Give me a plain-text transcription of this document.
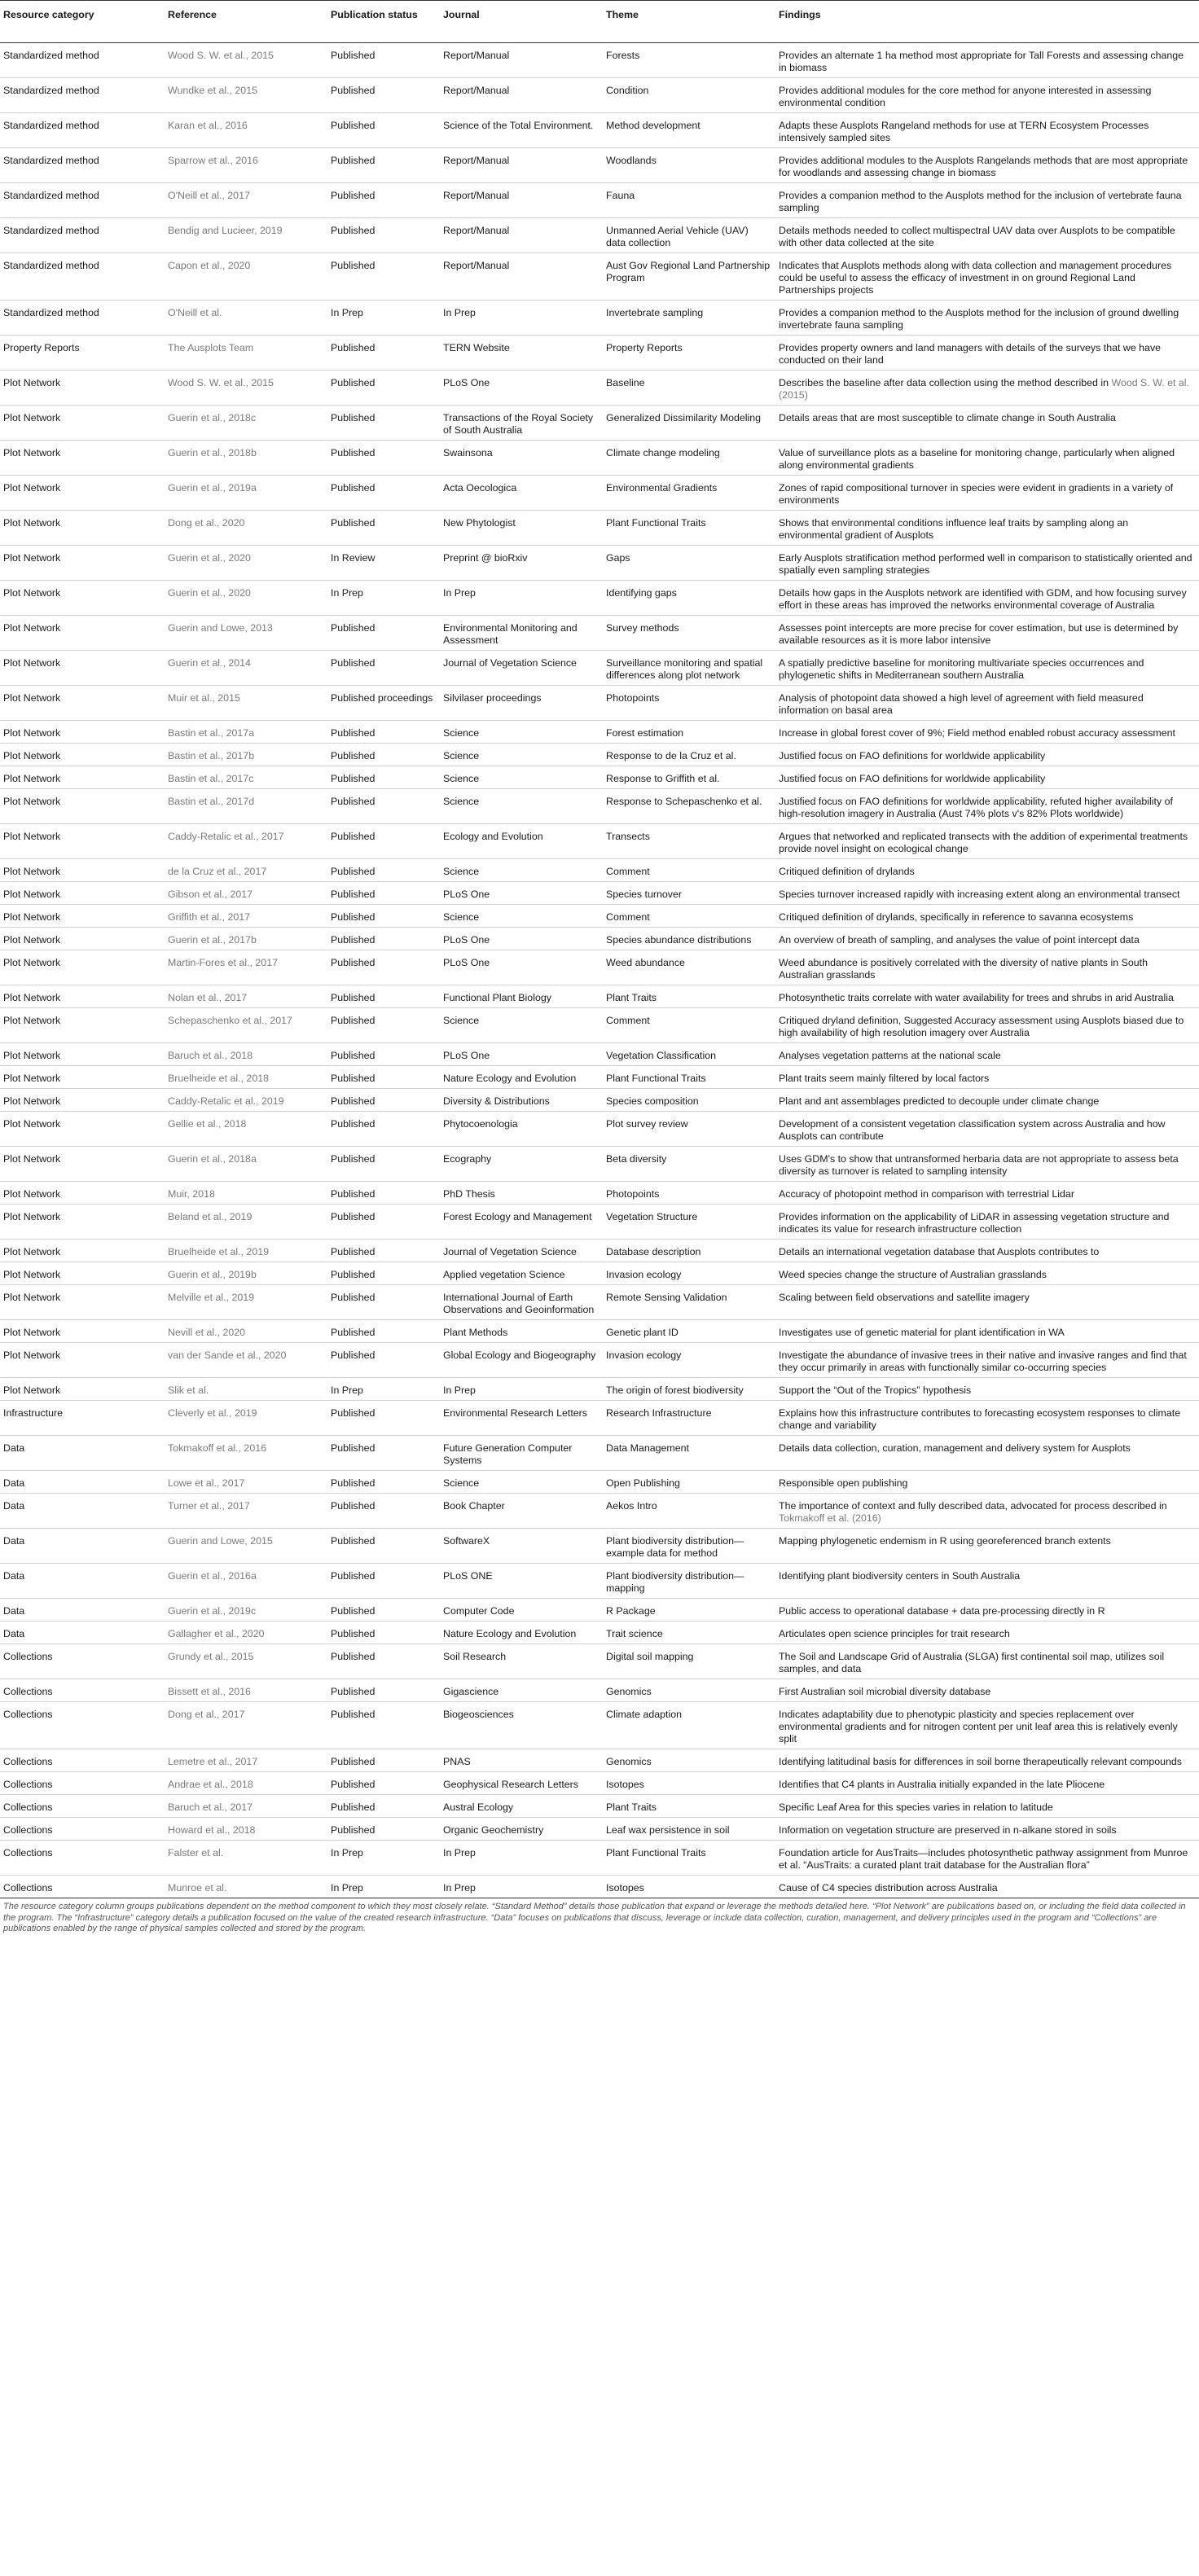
Resource category	Reference	Publication status	Journal	Theme	Findings
Standardized method	Wood S. W. et al., 2015	Published	Report/Manual	Forests	Provides an alternate 1 ha method most appropriate for Tall Forests and assessing change in biomass
Standardized method	Wundke et al., 2015	Published	Report/Manual	Condition	Provides additional modules for the core method for anyone interested in assessing environmental condition
Standardized method	Karan et al., 2016	Published	Science of the Total Environment.	Method development	Adapts these Ausplots Rangeland methods for use at TERN Ecosystem Processes intensively sampled sites
Standardized method	Sparrow et al., 2016	Published	Report/Manual	Woodlands	Provides additional modules to the Ausplots Rangelands methods that are most appropriate for woodlands and assessing change in biomass
Standardized method	O'Neill et al., 2017	Published	Report/Manual	Fauna	Provides a companion method to the Ausplots method for the inclusion of vertebrate fauna sampling
Standardized method	Bendig and Lucieer, 2019	Published	Report/Manual	Unmanned Aerial Vehicle (UAV) data collection	Details methods needed to collect multispectral UAV data over Ausplots to be compatible with other data collected at the site
Standardized method	Capon et al., 2020	Published	Report/Manual	Aust Gov Regional Land Partnership Program	Indicates that Ausplots methods along with data collection and management procedures could be useful to assess the efficacy of investment in on ground Regional Land Partnerships projects
Standardized method	O'Neill et al.	In Prep	In Prep	Invertebrate sampling	Provides a companion method to the Ausplots method for the inclusion of ground dwelling invertebrate fauna sampling
Property Reports	The Ausplots Team	Published	TERN Website	Property Reports	Provides property owners and land managers with details of the surveys that we have conducted on their land
Plot Network	Wood S. W. et al., 2015	Published	PLoS One	Baseline	Describes the baseline after data collection using the method described in Wood S. W. et al. (2015)
Plot Network	Guerin et al., 2018c	Published	Transactions of the Royal Society of South Australia	Generalized Dissimilarity Modeling	Details areas that are most susceptible to climate change in South Australia
Plot Network	Guerin et al., 2018b	Published	Swainsona	Climate change modeling	Value of surveillance plots as a baseline for monitoring change, particularly when aligned along environmental gradients
Plot Network	Guerin et al., 2019a	Published	Acta Oecologica	Environmental Gradients	Zones of rapid compositional turnover in species were evident in gradients in a variety of environments
Plot Network	Dong et al., 2020	Published	New Phytologist	Plant Functional Traits	Shows that environmental conditions influence leaf traits by sampling along an environmental gradient of Ausplots
Plot Network	Guerin et al., 2020	In Review	Preprint @ bioRxiv	Gaps	Early Ausplots stratification method performed well in comparison to statistically oriented and spatially even sampling strategies
Plot Network	Guerin et al., 2020	In Prep	In Prep	Identifying gaps	Details how gaps in the Ausplots network are identified with GDM, and how focusing survey effort in these areas has improved the networks environmental coverage of Australia
Plot Network	Guerin and Lowe, 2013	Published	Environmental Monitoring and Assessment	Survey methods	Assesses point intercepts are more precise for cover estimation, but use is determined by available resources as it is more labor intensive
Plot Network	Guerin et al., 2014	Published	Journal of Vegetation Science	Surveillance monitoring and spatial differences along plot network	A spatially predictive baseline for monitoring multivariate species occurrences and phylogenetic shifts in Mediterranean southern Australia
Plot Network	Muir et al., 2015	Published proceedings	Silvilaser proceedings	Photopoints	Analysis of photopoint data showed a high level of agreement with field measured information on basal area
Plot Network	Bastin et al., 2017a	Published	Science	Forest estimation	Increase in global forest cover of 9%; Field method enabled robust accuracy assessment
Plot Network	Bastin et al., 2017b	Published	Science	Response to de la Cruz et al.	Justified focus on FAO definitions for worldwide applicability
Plot Network	Bastin et al., 2017c	Published	Science	Response to Griffith et al.	Justified focus on FAO definitions for worldwide applicability
Plot Network	Bastin et al., 2017d	Published	Science	Response to Schepaschenko et al.	Justified focus on FAO definitions for worldwide applicability, refuted higher availability of high-resolution imagery in Australia (Aust 74% plots v's 82% Plots worldwide)
Plot Network	Caddy-Retalic et al., 2017	Published	Ecology and Evolution	Transects	Argues that networked and replicated transects with the addition of experimental treatments provide novel insight on ecological change
Plot Network	de la Cruz et al., 2017	Published	Science	Comment	Critiqued definition of drylands
Plot Network	Gibson et al., 2017	Published	PLoS One	Species turnover	Species turnover increased rapidly with increasing extent along an environmental transect
Plot Network	Griffith et al., 2017	Published	Science	Comment	Critiqued definition of drylands, specifically in reference to savanna ecosystems
Plot Network	Guerin et al., 2017b	Published	PLoS One	Species abundance distributions	An overview of breath of sampling, and analyses the value of point intercept data
Plot Network	Martin-Fores et al., 2017	Published	PLoS One	Weed abundance	Weed abundance is positively correlated with the diversity of native plants in South Australian grasslands
Plot Network	Nolan et al., 2017	Published	Functional Plant Biology	Plant Traits	Photosynthetic traits correlate with water availability for trees and shrubs in arid Australia
Plot Network	Schepaschenko et al., 2017	Published	Science	Comment	Critiqued dryland definition, Suggested Accuracy assessment using Ausplots biased due to high availability of high resolution imagery over Australia
Plot Network	Baruch et al., 2018	Published	PLoS One	Vegetation Classification	Analyses vegetation patterns at the national scale
Plot Network	Bruelheide et al., 2018	Published	Nature Ecology and Evolution	Plant Functional Traits	Plant traits seem mainly filtered by local factors
Plot Network	Caddy-Retalic et al., 2019	Published	Diversity & Distributions	Species composition	Plant and ant assemblages predicted to decouple under climate change
Plot Network	Gellie et al., 2018	Published	Phytocoenologia	Plot survey review	Development of a consistent vegetation classification system across Australia and how Ausplots can contribute
Plot Network	Guerin et al., 2018a	Published	Ecography	Beta diversity	Uses GDM's to show that untransformed herbaria data are not appropriate to assess beta diversity as turnover is related to sampling intensity
Plot Network	Muir, 2018	Published	PhD Thesis	Photopoints	Accuracy of photopoint method in comparison with terrestrial Lidar
Plot Network	Beland et al., 2019	Published	Forest Ecology and Management	Vegetation Structure	Provides information on the applicability of LiDAR in assessing vegetation structure and indicates its value for research infrastructure collection
Plot Network	Bruelheide et al., 2019	Published	Journal of Vegetation Science	Database description	Details an international vegetation database that Ausplots contributes to
Plot Network	Guerin et al., 2019b	Published	Applied vegetation Science	Invasion ecology	Weed species change the structure of Australian grasslands
Plot Network	Melville et al., 2019	Published	International Journal of Earth Observations and Geoinformation	Remote Sensing Validation	Scaling between field observations and satellite imagery
Plot Network	Nevill et al., 2020	Published	Plant Methods	Genetic plant ID	Investigates use of genetic material for plant identification in WA
Plot Network	van der Sande et al., 2020	Published	Global Ecology and Biogeography	Invasion ecology	Investigate the abundance of invasive trees in their native and invasive ranges and find that they occur primarily in areas with functionally similar co-occurring species
Plot Network	Slik et al.	In Prep	In Prep	The origin of forest biodiversity	Support the “Out of the Tropics” hypothesis
Infrastructure	Cleverly et al., 2019	Published	Environmental Research Letters	Research Infrastructure	Explains how this infrastructure contributes to forecasting ecosystem responses to climate change and variability
Data	Tokmakoff et al., 2016	Published	Future Generation Computer Systems	Data Management	Details data collection, curation, management and delivery system for Ausplots
Data	Lowe et al., 2017	Published	Science	Open Publishing	Responsible open publishing
Data	Turner et al., 2017	Published	Book Chapter	Aekos Intro	The importance of context and fully described data, advocated for process described in Tokmakoff et al. (2016)
Data	Guerin and Lowe, 2015	Published	SoftwareX	Plant biodiversity distribution—example data for method	Mapping phylogenetic endemism in R using georeferenced branch extents
Data	Guerin et al., 2016a	Published	PLoS ONE	Plant biodiversity distribution—mapping	Identifying plant biodiversity centers in South Australia
Data	Guerin et al., 2019c	Published	Computer Code	R Package	Public access to operational database + data pre-processing directly in R
Data	Gallagher et al., 2020	Published	Nature Ecology and Evolution	Trait science	Articulates open science principles for trait research
Collections	Grundy et al., 2015	Published	Soil Research	Digital soil mapping	The Soil and Landscape Grid of Australia (SLGA) first continental soil map, utilizes soil samples, and data
Collections	Bissett et al., 2016	Published	Gigascience	Genomics	First Australian soil microbial diversity database
Collections	Dong et al., 2017	Published	Biogeosciences	Climate adaption	Indicates adaptability due to phenotypic plasticity and species replacement over environmental gradients and for nitrogen content per unit leaf area this is relatively evenly split
Collections	Lemetre et al., 2017	Published	PNAS	Genomics	Identifying latitudinal basis for differences in soil borne therapeutically relevant compounds
Collections	Andrae et al., 2018	Published	Geophysical Research Letters	Isotopes	Identifies that C4 plants in Australia initially expanded in the late Pliocene
Collections	Baruch et al., 2017	Published	Austral Ecology	Plant Traits	Specific Leaf Area for this species varies in relation to latitude
Collections	Howard et al., 2018	Published	Organic Geochemistry	Leaf wax persistence in soil	Information on vegetation structure are preserved in n-alkane stored in soils
Collections	Falster et al.	In Prep	In Prep	Plant Functional Traits	Foundation article for AusTraits—includes photosynthetic pathway assignment from Munroe et al. “AusTraits: a curated plant trait database for the Australian flora”
Collections	Munroe et al.	In Prep	In Prep	Isotopes	Cause of C4 species distribution across Australia
The resource category column groups publications dependent on the method component to which they most closely relate. “Standard Method” details those publication that expand or leverage the methods detailed here. “Plot Network” are publications based on, or including the field data collected in the program. The “Infrastructure” category details a publication focused on the value of the created research infrastructure. “Data” focuses on publications that discuss, leverage or include data collection, curation, management, and delivery principles used in the program and “Collections” are publications enabled by the range of physical samples collected and stored by the program.
